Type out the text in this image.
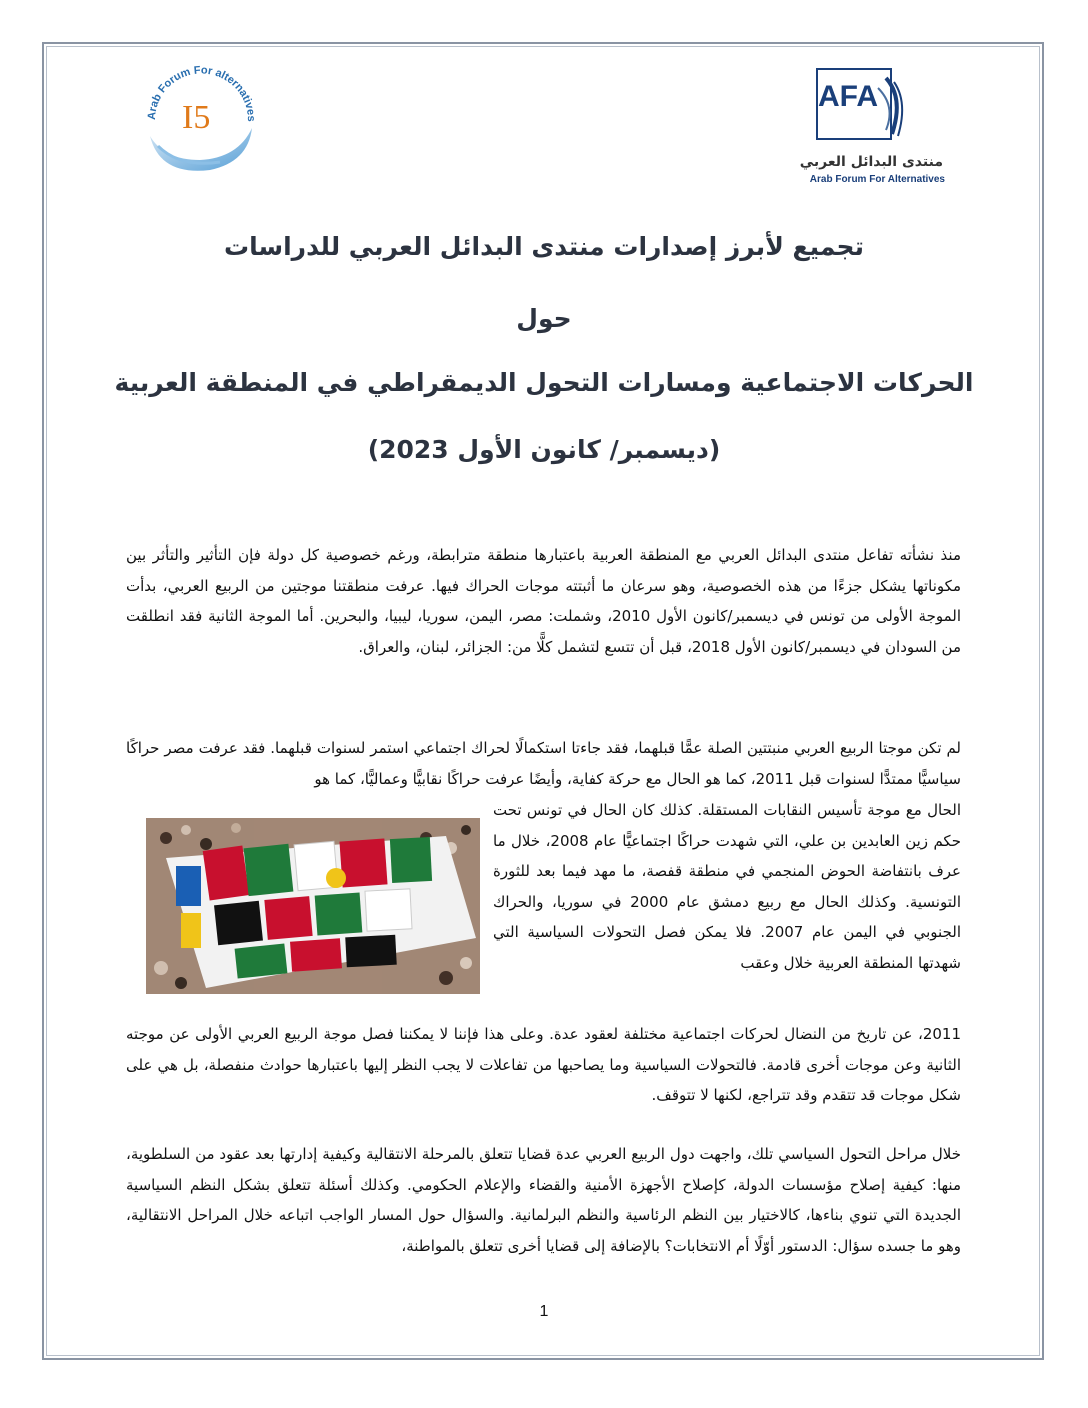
Arab Forum For alternatives
I5
AFA
منتدى البدائل العربي
Arab Forum For Alternatives
تجميع لأبرز إصدارات منتدى البدائل العربي للدراسات
حول
الحركات الاجتماعية ومسارات التحول الديمقراطي في المنطقة العربية
(ديسمبر/ كانون الأول 2023)
منذ نشأته تفاعل منتدى البدائل العربي مع المنطقة العربية باعتبارها منطقة مترابطة، ورغم خصوصية كل دولة فإن التأثير والتأثر بين مكوناتها يشكل جزءًا من هذه الخصوصية، وهو سرعان ما أثبتته موجات الحراك فيها. عرفت منطقتنا موجتين من الربيع العربي، بدأت الموجة الأولى من تونس في ديسمبر/كانون الأول 2010، وشملت: مصر، اليمن، سوريا، ليبيا، والبحرين. أما الموجة الثانية فقد انطلقت من السودان في ديسمبر/كانون الأول 2018، قبل أن تتسع لتشمل كلًّا من: الجزائر، لبنان، والعراق.
لم تكن موجتا الربيع العربي منبتتين الصلة عمًّا قبلهما، فقد جاءتا استكمالًا لحراك اجتماعي استمر لسنوات قبلهما. فقد عرفت مصر حراكًا سياسيًّا ممتدًّا لسنوات قبل 2011، كما هو الحال مع حركة كفاية، وأيضًا عرفت حراكًا نقابيًّا وعماليًّا، كما هو
الحال مع موجة تأسيس النقابات المستقلة. كذلك كان الحال في تونس تحت حكم زين العابدين بن علي، التي شهدت حراكًا اجتماعيًّا عام 2008، خلال ما عرف بانتفاضة الحوض المنجمي في منطقة قفصة، ما مهد فيما بعد للثورة التونسية. وكذلك الحال مع ربيع دمشق عام 2000 في سوريا، والحراك الجنوبي في اليمن عام 2007. فلا يمكن فصل التحولات السياسية التي شهدتها المنطقة العربية خلال وعقب
2011، عن تاريخ من النضال لحركات اجتماعية مختلفة لعقود عدة. وعلى هذا فإننا لا يمكننا فصل موجة الربيع العربي الأولى عن موجته الثانية وعن موجات أخرى قادمة. فالتحولات السياسية وما يصاحبها من تفاعلات لا يجب النظر إليها باعتبارها حوادث منفصلة، بل هي على شكل موجات قد تتقدم وقد تتراجع، لكنها لا تتوقف.
خلال مراحل التحول السياسي تلك، واجهت دول الربيع العربي عدة قضايا تتعلق بالمرحلة الانتقالية وكيفية إدارتها بعد عقود من السلطوية، منها: كيفية إصلاح مؤسسات الدولة، كإصلاح الأجهزة الأمنية والقضاء والإعلام الحكومي. وكذلك أسئلة تتعلق بشكل النظم السياسية الجديدة التي تنوي بناءها، كالاختيار بين النظم الرئاسية والنظم البرلمانية. والسؤال حول المسار الواجب اتباعه خلال المراحل الانتقالية، وهو ما جسده سؤال: الدستور أوّلًا أم الانتخابات؟ بالإضافة إلى قضايا أخرى تتعلق بالمواطنة،
1
